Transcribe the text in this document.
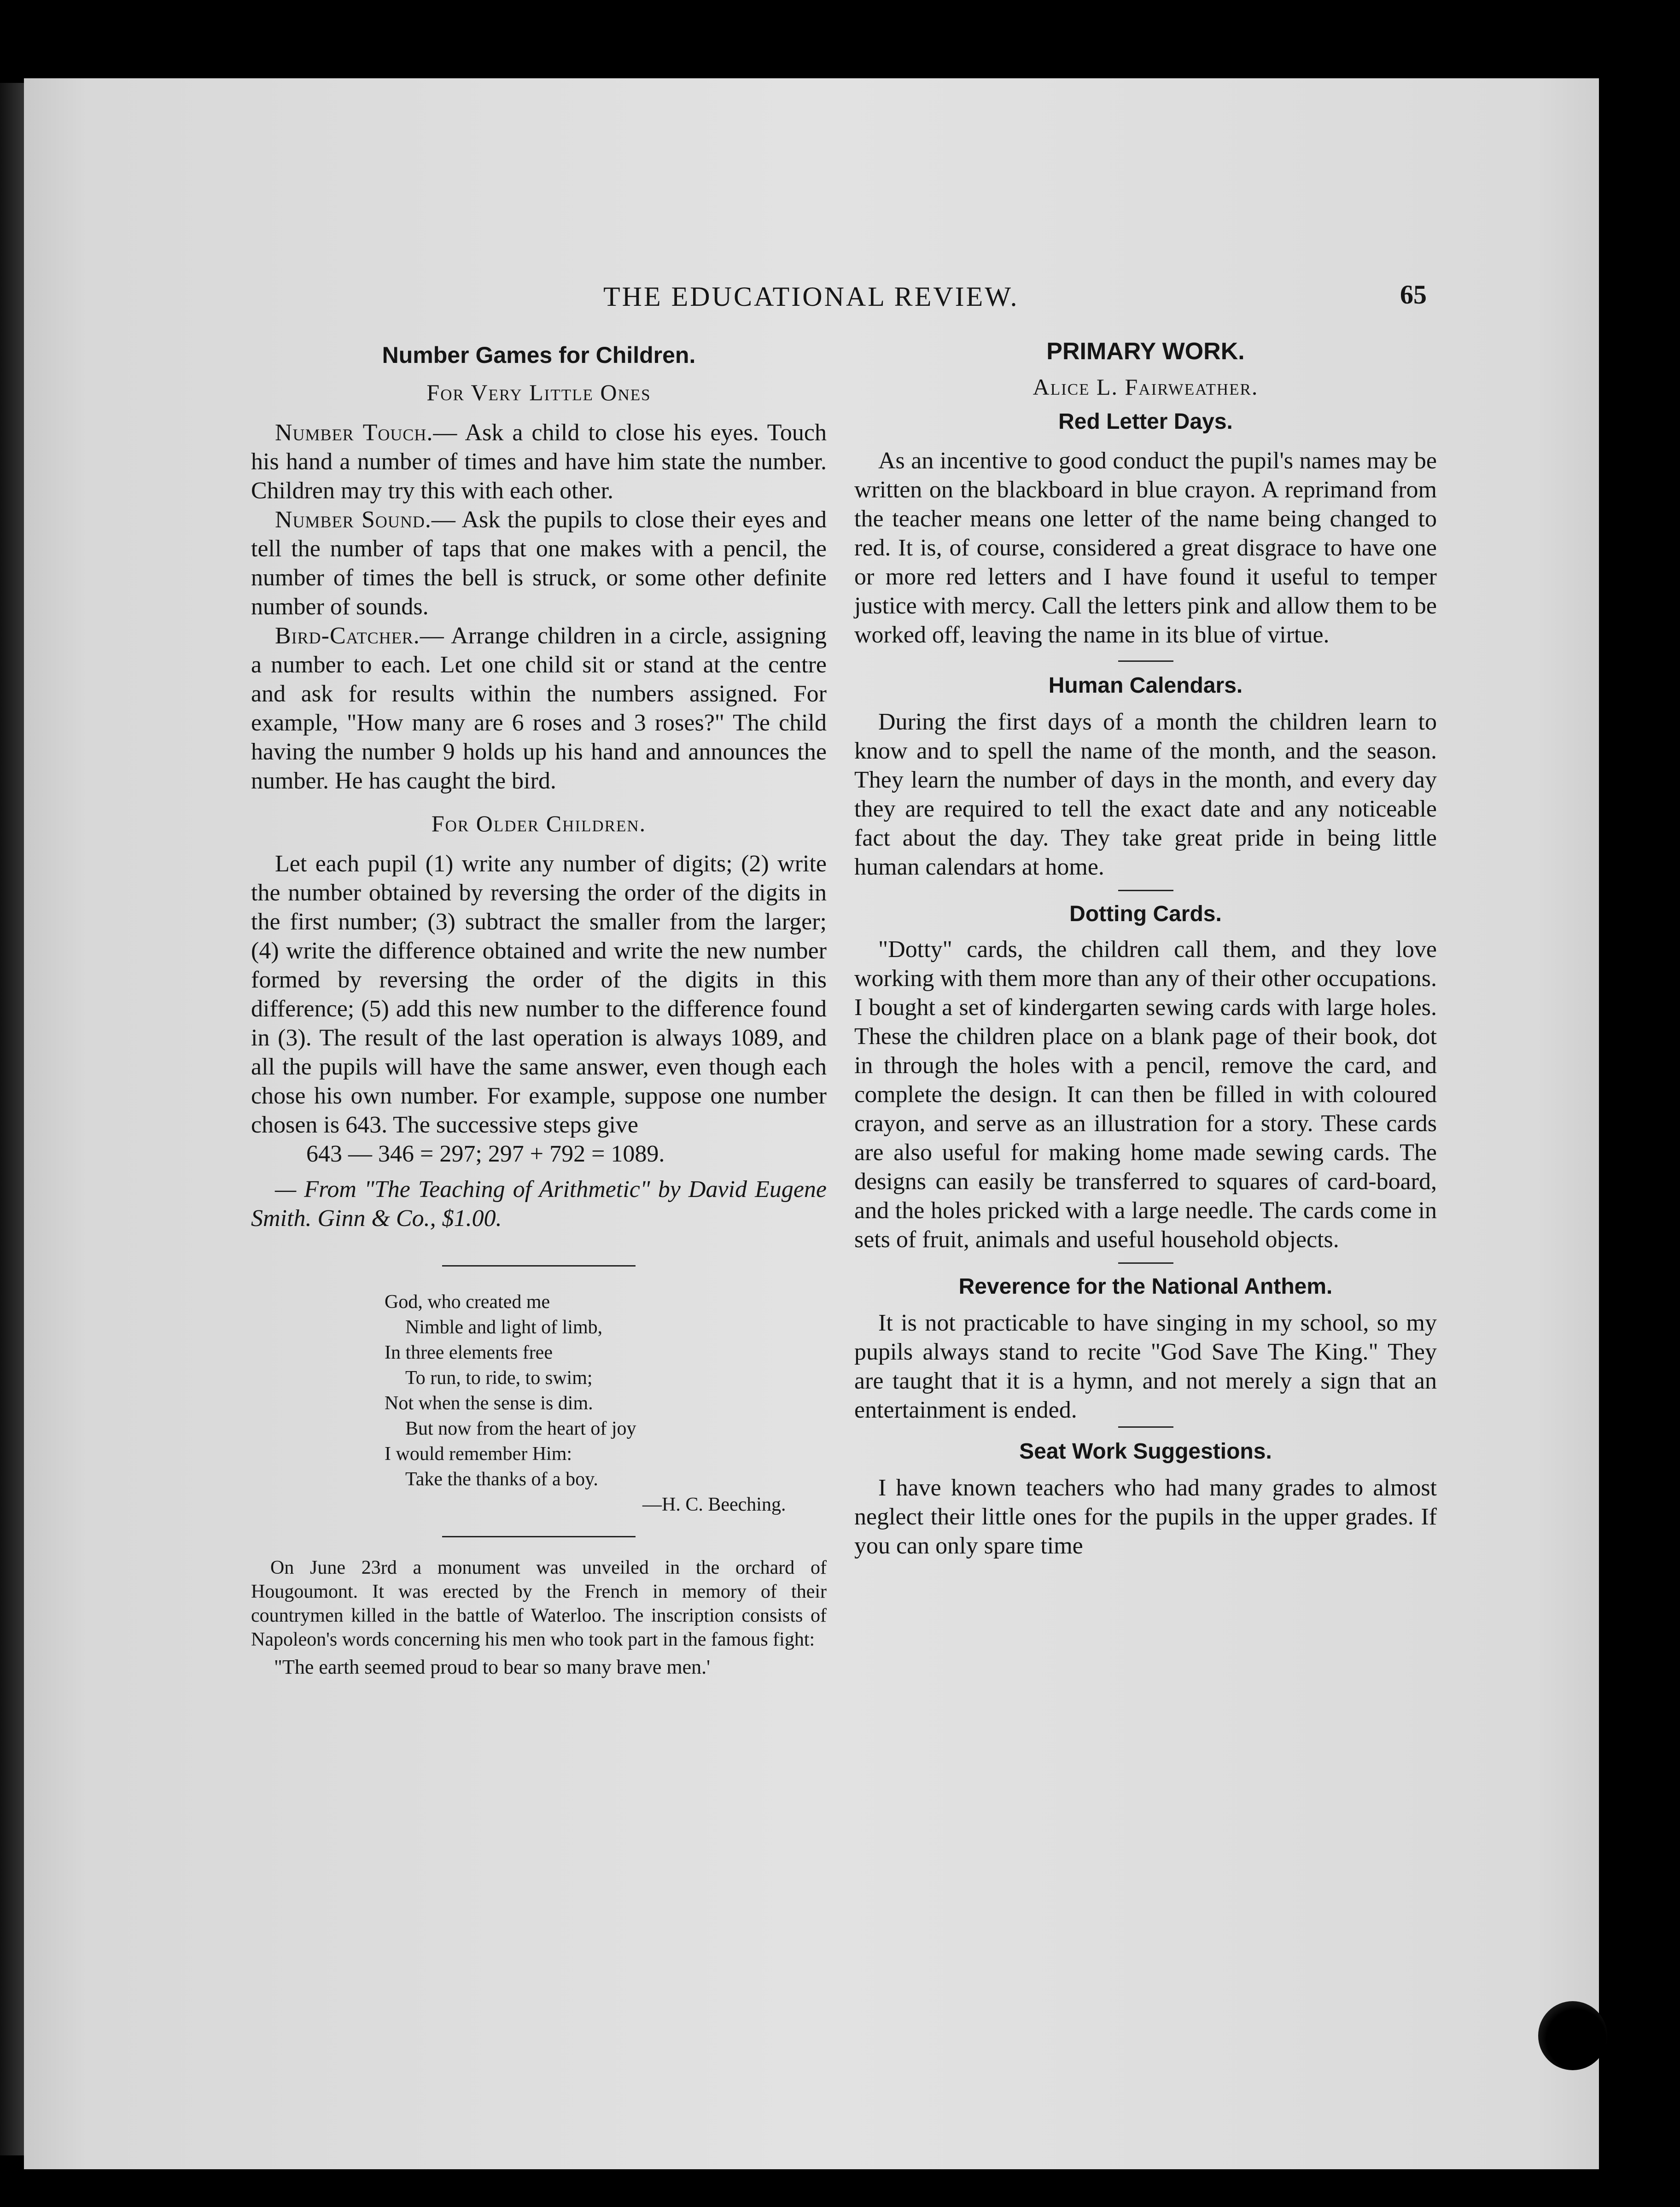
THE EDUCATIONAL REVIEW.	65
Number Games for Children.
For Very Little Ones

Number Touch.— Ask a child to close his eyes. Touch his hand a number of times and have him state the number. Children may try this with each other.

Number Sound.— Ask the pupils to close their eyes and tell the number of taps that one makes with a pencil, the number of times the bell is struck, or some other definite number of sounds.

Bird-Catcher.— Arrange children in a circle, assigning a number to each. Let one child sit or stand at the centre and ask for results within the numbers assigned. For example, "How many are 6 roses and 3 roses?" The child having the number 9 holds up his hand and announces the number. He has caught the bird.

For Older Children.

Let each pupil (1) write any number of digits; (2) write the number obtained by reversing the order of the digits in the first number; (3) subtract the smaller from the larger; (4) write the difference obtained and write the new number formed by reversing the order of the digits in this difference; (5) add this new number to the difference found in (3). The result of the last operation is always 1089, and all the pupils will have the same answer, even though each chose his own number. For example, suppose one number chosen is 643. The successive steps give

643 — 346 = 297; 297 + 792 = 1089.

— From "The Teaching of Arithmetic" by David Eugene Smith. Ginn & Co., $1.00.

God, who created me
Nimble and light of limb,
In three elements free
To run, to ride, to swim;
Not when the sense is dim.
But now from the heart of joy
I would remember Him:
Take the thanks of a boy.
—H. C. Beeching.

On June 23rd a monument was unveiled in the orchard of Hougoumont. It was erected by the French in memory of their countrymen killed in the battle of Waterloo. The inscription consists of Napoleon's words concerning his men who took part in the famous fight:

"The earth seemed proud to bear so many brave men.'

PRIMARY WORK.
Alice L. Fairweather.
Red Letter Days.

As an incentive to good conduct the pupil's names may be written on the blackboard in blue crayon. A reprimand from the teacher means one letter of the name being changed to red. It is, of course, considered a great disgrace to have one or more red letters and I have found it useful to temper justice with mercy. Call the letters pink and allow them to be worked off, leaving the name in its blue of virtue.

Human Calendars.

During the first days of a month the children learn to know and to spell the name of the month, and the season. They learn the number of days in the month, and every day they are required to tell the exact date and any noticeable fact about the day. They take great pride in being little human calendars at home.

Dotting Cards.

"Dotty" cards, the children call them, and they love working with them more than any of their other occupations. I bought a set of kindergarten sewing cards with large holes. These the children place on a blank page of their book, dot in through the holes with a pencil, remove the card, and complete the design. It can then be filled in with coloured crayon, and serve as an illustration for a story. These cards are also useful for making home made sewing cards. The designs can easily be transferred to squares of card-board, and the holes pricked with a large needle. The cards come in sets of fruit, animals and useful household objects.

Reverence for the National Anthem.

It is not practicable to have singing in my school, so my pupils always stand to recite "God Save The King." They are taught that it is a hymn, and not merely a sign that an entertainment is ended.

Seat Work Suggestions.

I have known teachers who had many grades to almost neglect their little ones for the pupils in the upper grades. If you can only spare time
